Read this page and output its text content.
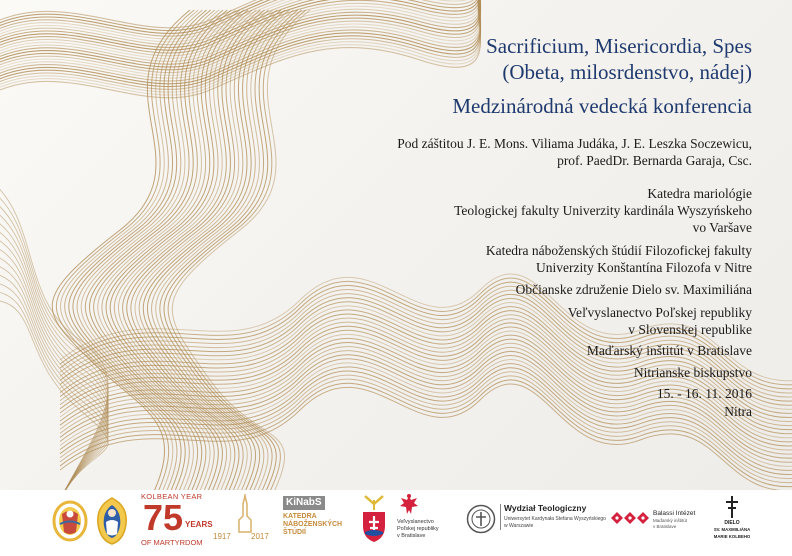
Sacrificium, Misericordia, Spes
(Obeta, milosrdenstvo, nádej)
Medzinárodná vedecká konferencia
Pod záštitou J. E. Mons. Viliama Judáka, J. E. Leszka Soczewicu,
prof. PaedDr. Bernarda Garaja, Csc.
Katedra mariológie
Teologickej fakulty Univerzity kardinála Wyszyńskeho
vo Varšave
Katedra náboženských štúdií Filozofickej fakulty
Univerzity Konštantína Filozofa v Nitre
Občianske združenie Dielo sv. Maximiliána
Veľvyslanectvo Poľskej republiky
v Slovenskej republike
Maďarský inštitút v Bratislave
Nitrianske biskupstvo
15. - 16. 11. 2016
Nitra
KOLBEAN YEAR
75 YEARS
OF MARTYRDOM
1917	2017
KiNabS
KATEDRA
NÁBOŽENSKÝCH
ŠTÚDIÍ
Veľvyslanectvo
Poľskej republiky
v Bratislave
Wydział Teologiczny
Uniwersytet Kardynała Stefana Wyszyńskiego
w Warszawie
Balassi Intézet
Maďarský inštitút
v Bratislave
DIELO
SV. MAXIMILIÁNA
MARIE KOLBEHO
